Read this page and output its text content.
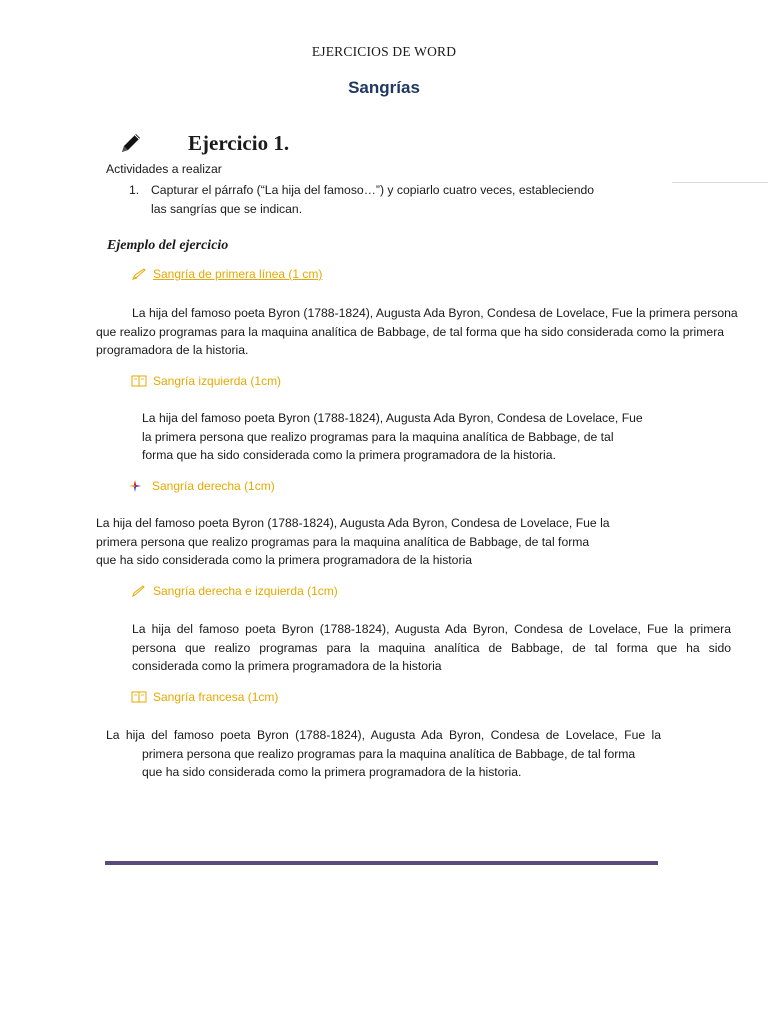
EJERCICIOS DE WORD
Sangrías
Ejercicio 1.
Actividades a realizar
1. Capturar el párrafo (“La hija del famoso…”) y copiarlo cuatro veces, estableciendo
las sangrías que se indican.
Ejemplo del ejercicio
Sangría de primera línea (1 cm)
La hija del famoso poeta Byron (1788-1824), Augusta Ada Byron, Condesa de Lovelace, Fue la primera persona
que realizo programas para la maquina analítica de Babbage, de tal forma que ha sido considerada como la primera
programadora de la historia.
Sangría izquierda (1cm)
La hija del famoso poeta Byron (1788-1824), Augusta Ada Byron, Condesa de Lovelace, Fue
la primera persona que realizo programas para la maquina analítica de Babbage, de tal
forma que ha sido considerada como la primera programadora de la historia.
Sangría derecha (1cm)
La hija del famoso poeta Byron (1788-1824), Augusta Ada Byron, Condesa de Lovelace, Fue la
primera persona que realizo programas para la maquina analítica de Babbage, de tal forma
que ha sido considerada como la primera programadora de la historia
Sangría derecha e izquierda (1cm)
La hija del famoso poeta Byron (1788-1824), Augusta Ada Byron, Condesa de Lovelace, Fue la primera
persona que realizo programas para la maquina analítica de Babbage, de tal forma que ha sido
considerada como la primera programadora de la historia
Sangría francesa (1cm)
La hija del famoso poeta Byron (1788-1824), Augusta Ada Byron, Condesa de Lovelace, Fue la
primera persona que realizo programas para la maquina analítica de Babbage, de tal forma
que ha sido considerada como la primera programadora de la historia.
